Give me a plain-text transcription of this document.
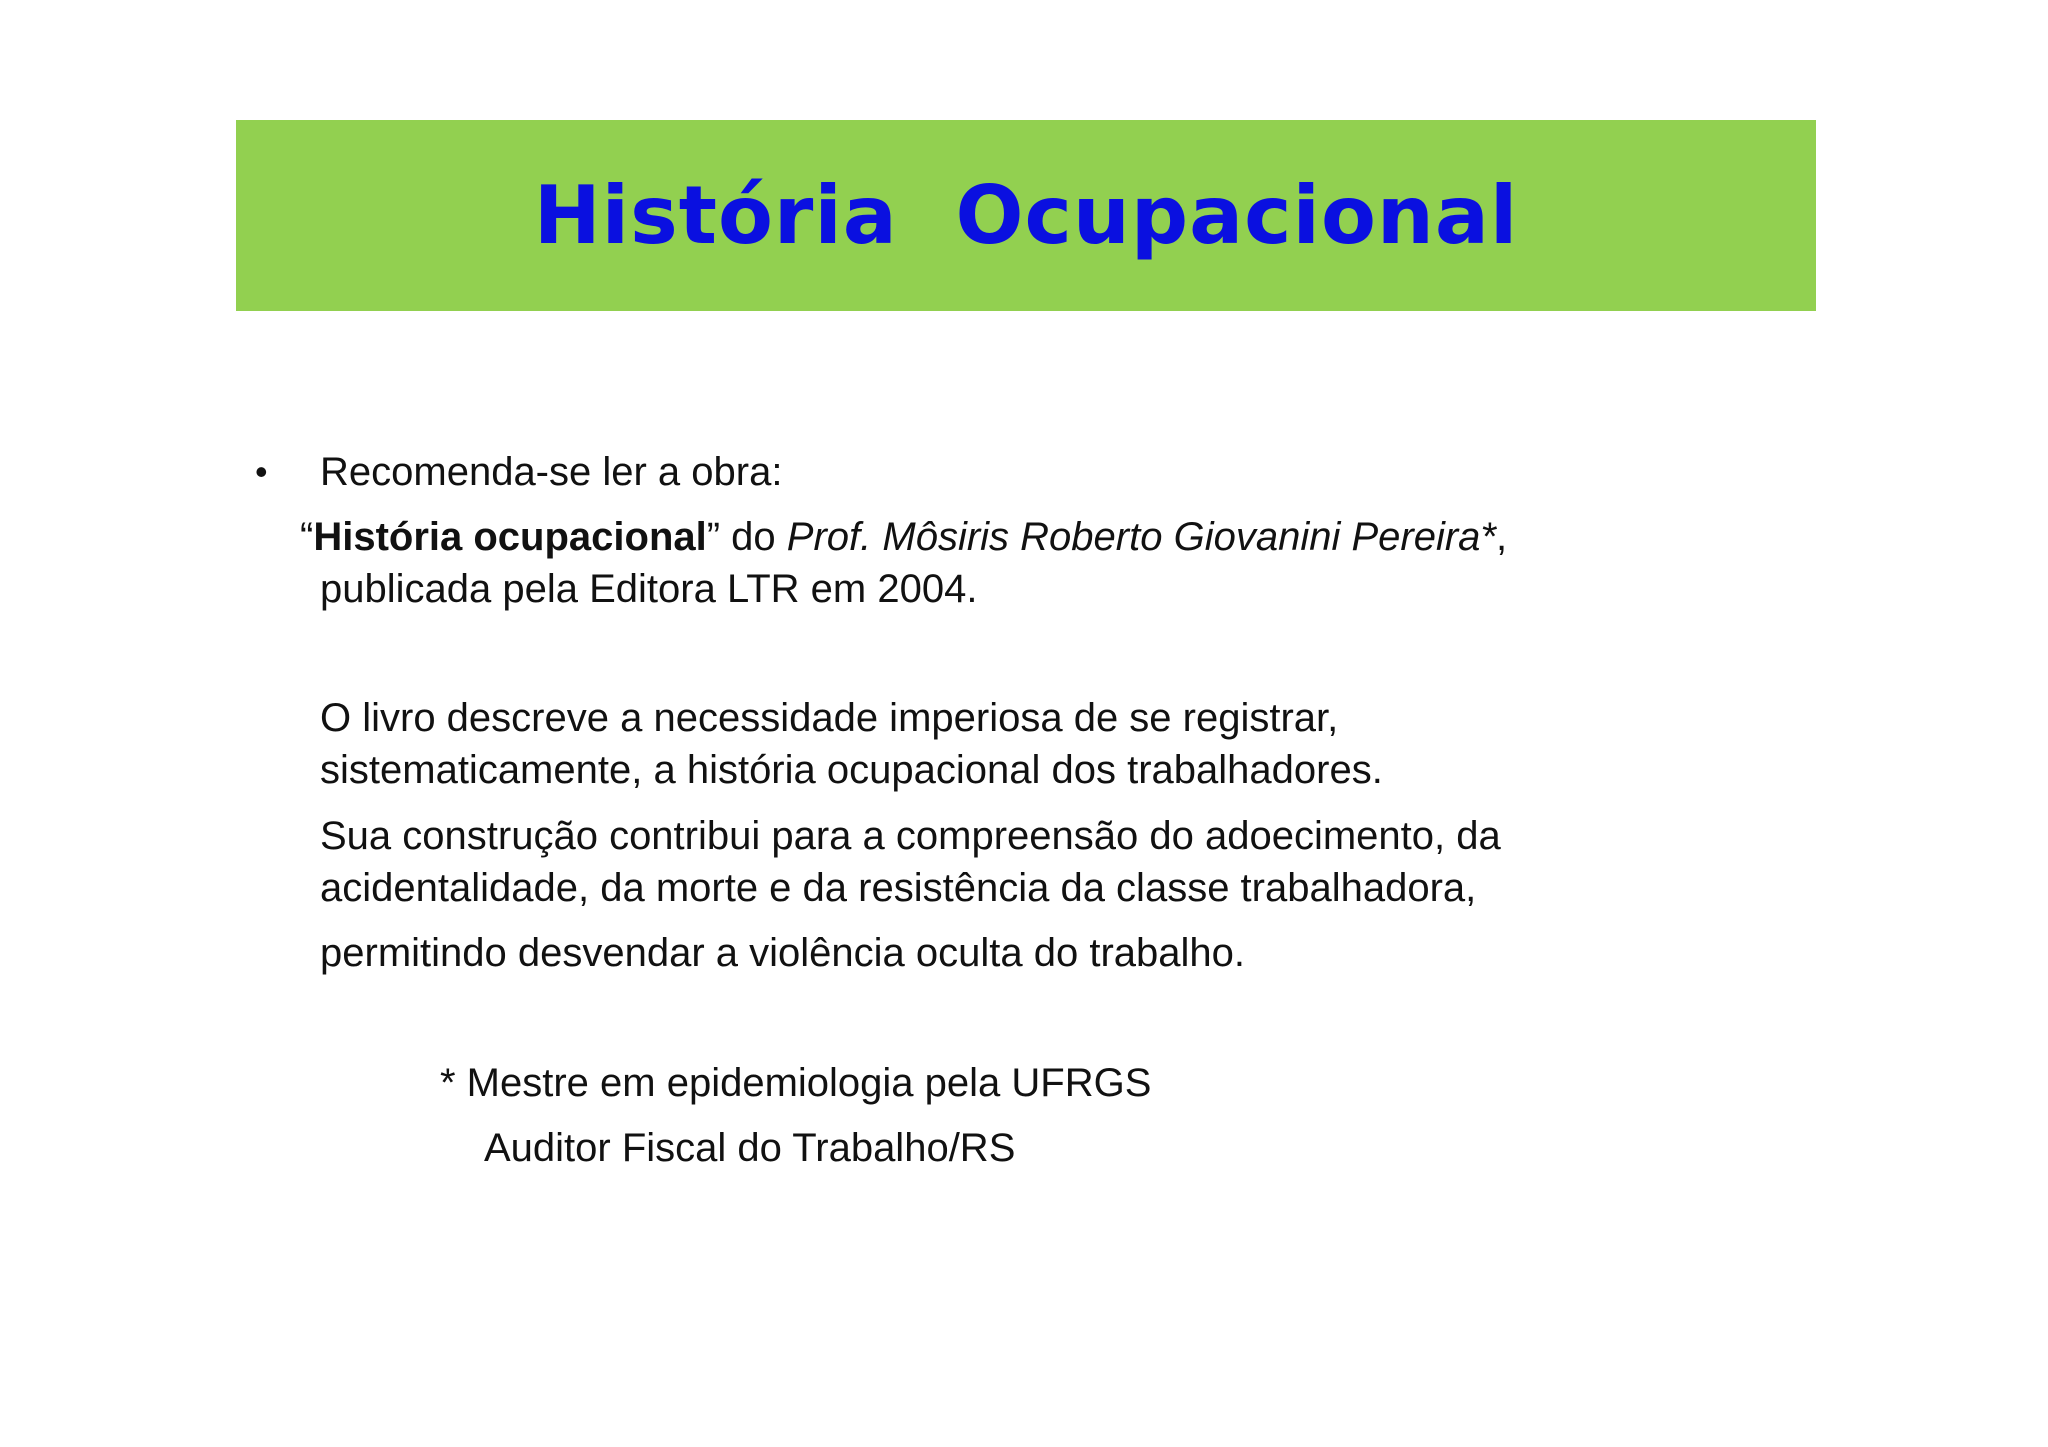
História  Ocupacional
• Recomenda-se ler a obra:
“História ocupacional” do Prof. Môsiris Roberto Giovanini Pereira*,
publicada pela Editora LTR em 2004.
O livro descreve a necessidade imperiosa de se registrar,
sistematicamente, a história ocupacional dos trabalhadores.
Sua construção contribui para a compreensão do adoecimento, da
acidentalidade, da morte e da resistência da classe trabalhadora,
permitindo desvendar a violência oculta do trabalho.
* Mestre em epidemiologia pela UFRGS
Auditor Fiscal do Trabalho/RS
